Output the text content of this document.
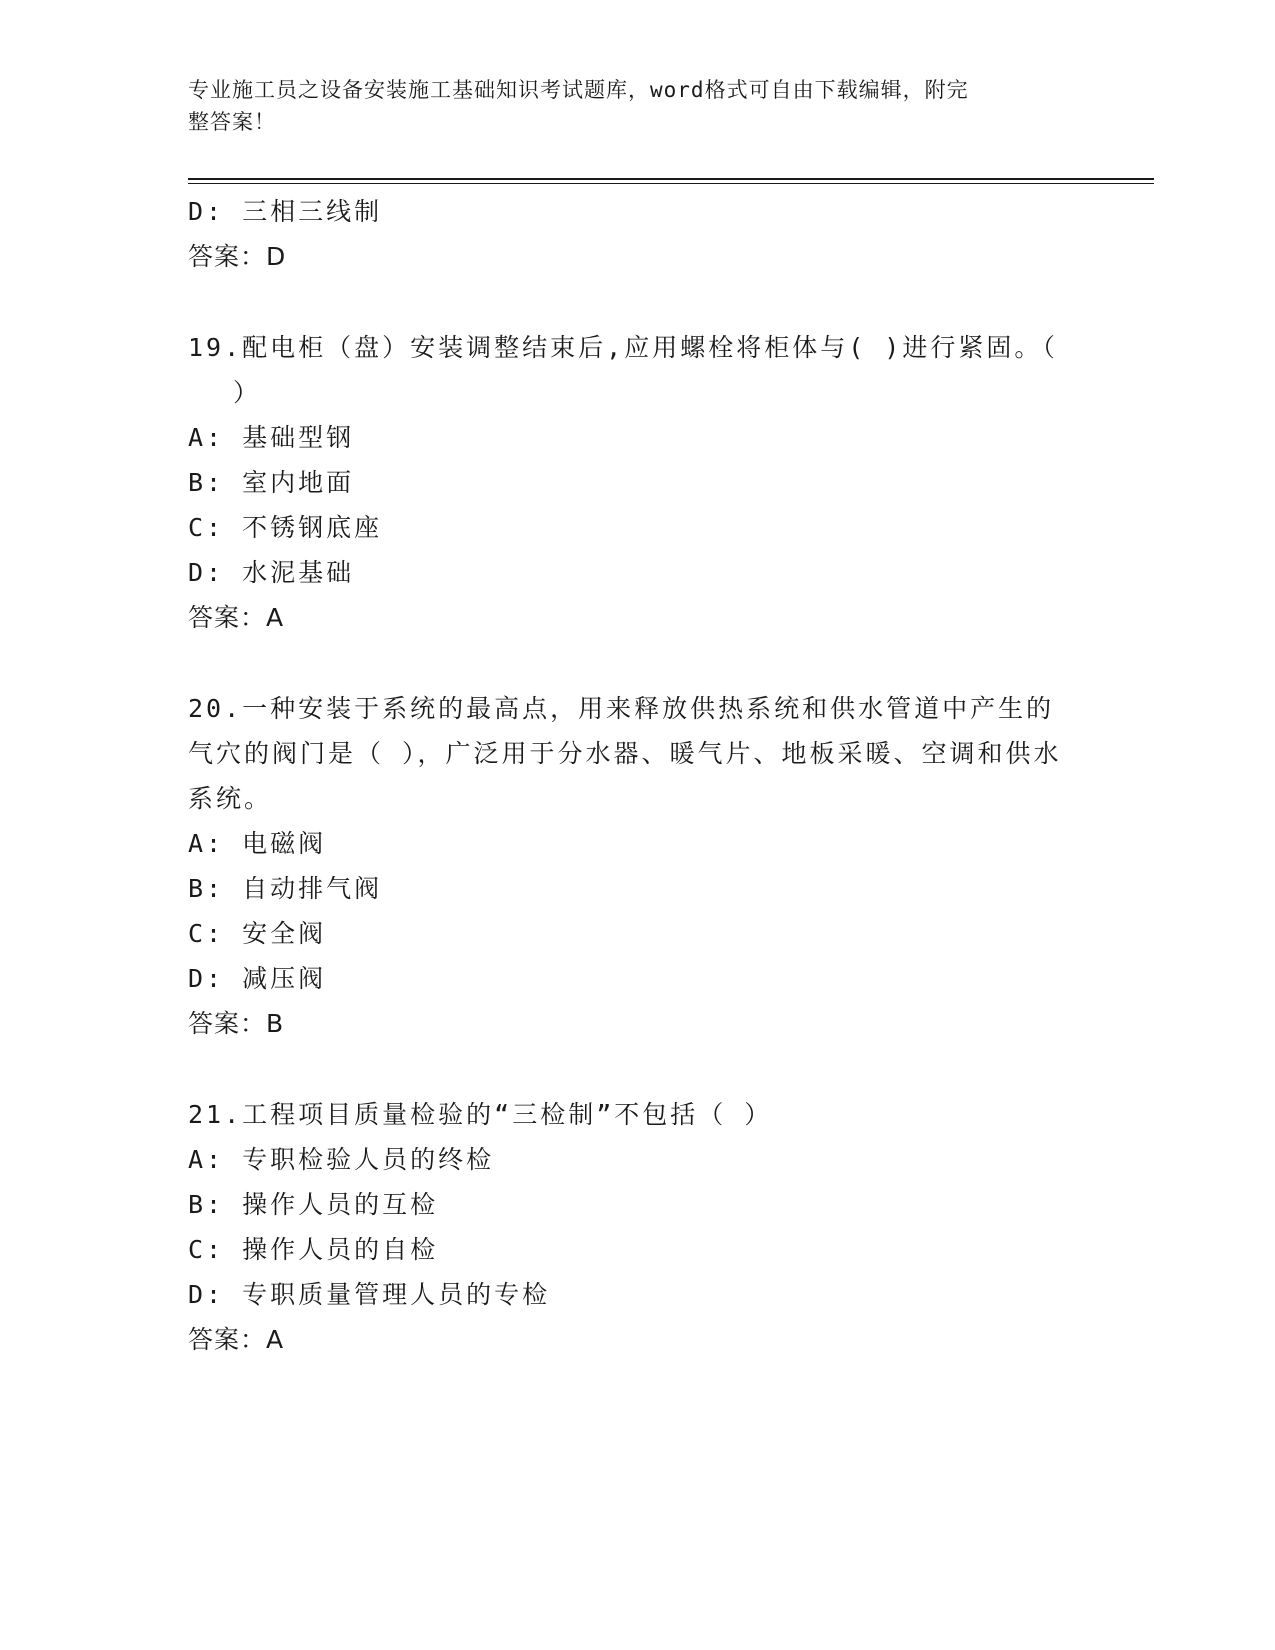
专业施工员之设备安装施工基础知识考试题库，word格式可自由下载编辑，附完
整答案！
D: 三相三线制
答案：D
19.配电柜（盘）安装调整结束后,应用螺栓将柜体与( )进行紧固。（
）
A: 基础型钢
B: 室内地面
C: 不锈钢底座
D: 水泥基础
答案：A
20.一种安装于系统的最高点，用来释放供热系统和供水管道中产生的气穴的阀门是（ ），广泛用于分水器、暖气片、地板采暖、空调和供水系统。
A: 电磁阀
B: 自动排气阀
C: 安全阀
D: 减压阀
答案：B
21.工程项目质量检验的“三检制”不包括（ ）
A: 专职检验人员的终检
B: 操作人员的互检
C: 操作人员的自检
D: 专职质量管理人员的专检
答案：A
